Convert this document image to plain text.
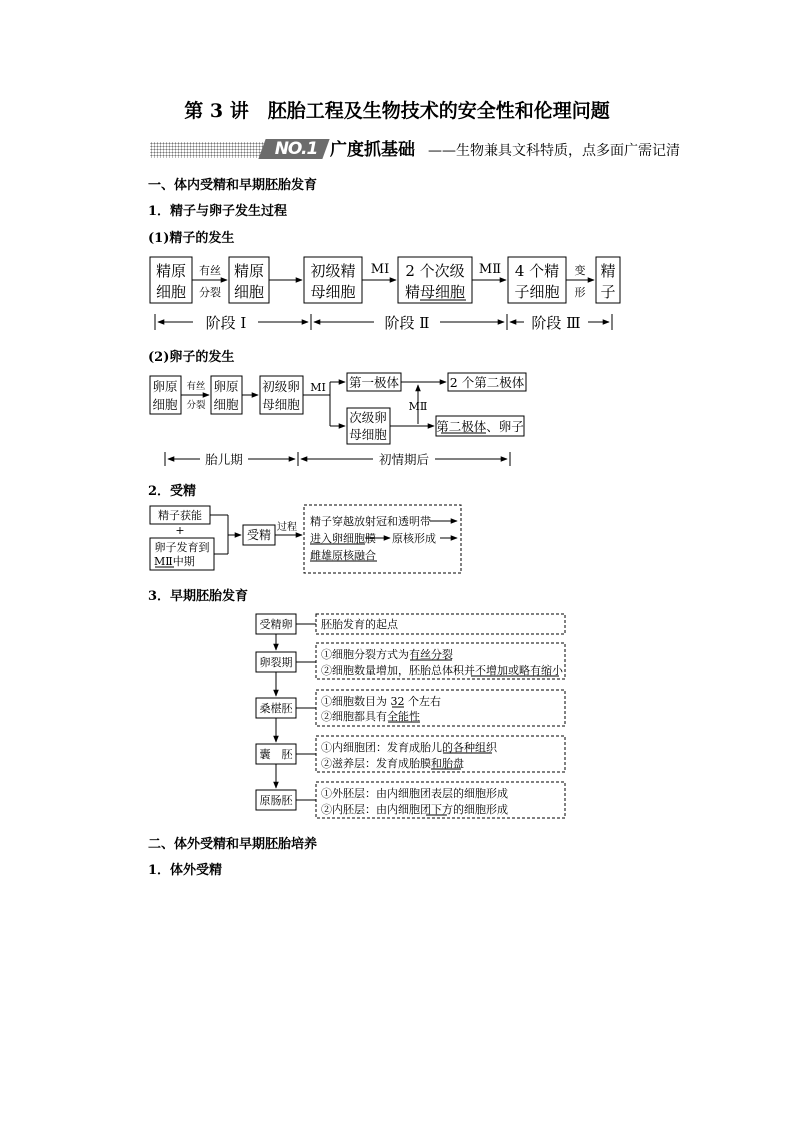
第 3 讲　胚胎工程及生物技术的安全性和伦理问题
NO.1 广度抓基础 ——生物兼具文科特质，点多面广需记清
一、体内受精和早期胚胎发育
1．精子与卵子发生过程
(1)精子的发生
精原
细胞
有丝
分裂
精原
细胞
初级精
母细胞
MⅠ 2 个次级
精母细胞
MⅡ 4 个精
子细胞
变
形
精
子
阶段 Ⅰ	阶段 Ⅱ	阶段 Ⅲ
卵原
细胞
有丝
分裂
卵原
细胞
初级卵
母细胞
MⅠ 第一极体	2 个第二极体
次级卵
母细胞
MⅡ
第二极体、卵子
胎儿期	初情期后
精子获能
+
卵子发育到
MⅡ中期
受精
过程 精子穿越放射冠和透明带
进入卵细胞膜 原核形成
雌雄原核融合
受精卵
卵裂期
桑椹胚
囊　胚
原肠胚
胚胎发育的起点
①细胞分裂方式为有丝分裂
②细胞数量增加，胚胎总体积并不增加或略有缩小
①细胞数目为 32 个左右
②细胞都具有全能性
①内细胞团：发育成胎儿的各种组织
②滋养层：发育成胎膜和胎盘
①外胚层：由内细胞团表层的细胞形成
②内胚层：由内细胞团下方的细胞形成
(2)卵子的发生
2．受精
3．早期胚胎发育
二、体外受精和早期胚胎培养
1．体外受精
